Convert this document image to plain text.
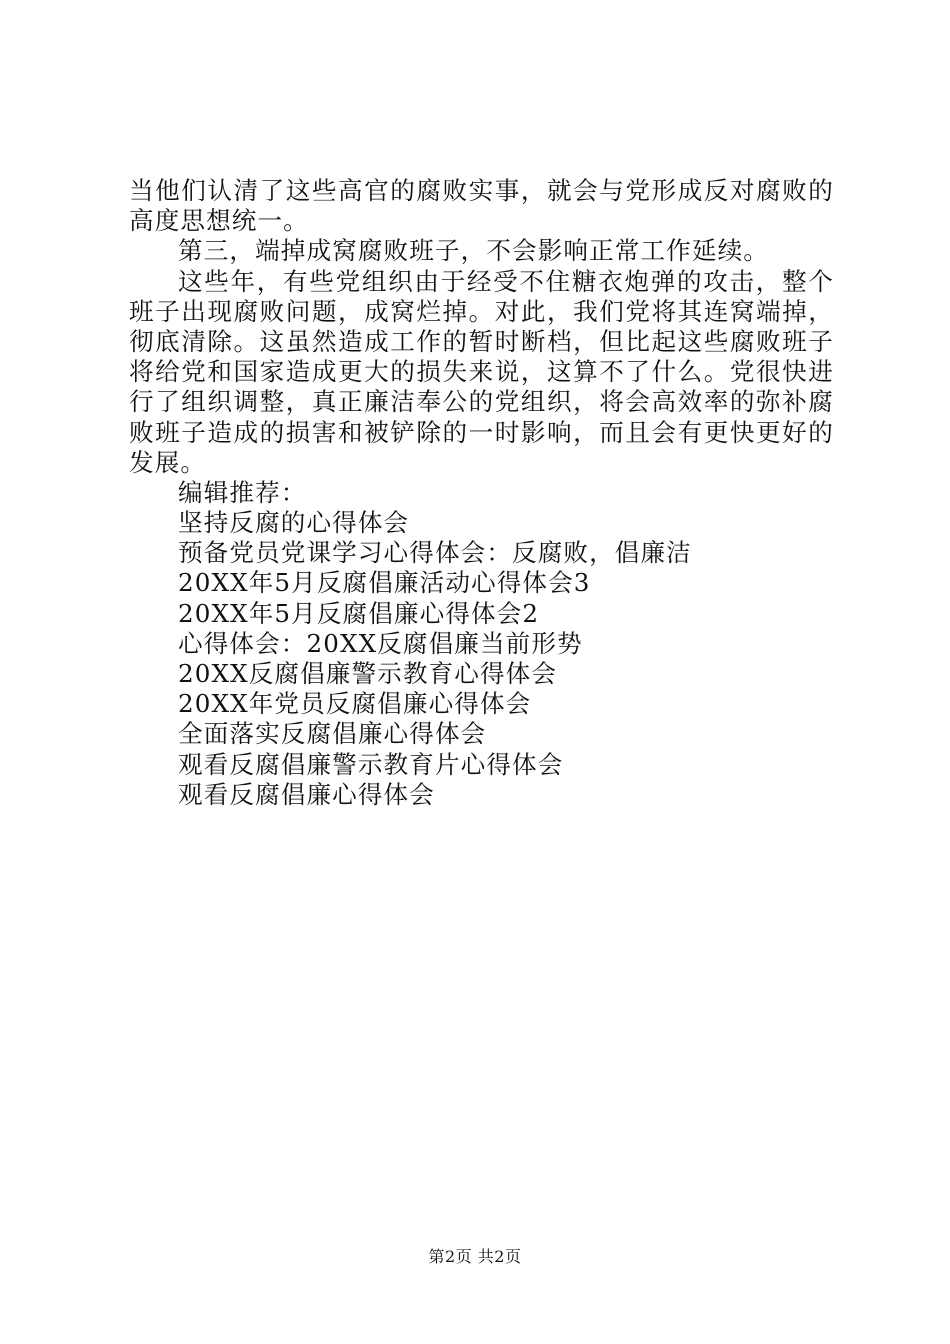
当他们认清了这些高官的腐败实事，就会与党形成反对腐败的
高度思想统一。
第三，端掉成窝腐败班子，不会影响正常工作延续。
这些年，有些党组织由于经受不住糖衣炮弹的攻击，整个
班子出现腐败问题，成窝烂掉。对此，我们党将其连窝端掉，
彻底清除。这虽然造成工作的暂时断档，但比起这些腐败班子
将给党和国家造成更大的损失来说，这算不了什么。党很快进
行了组织调整，真正廉洁奉公的党组织，将会高效率的弥补腐
败班子造成的损害和被铲除的一时影响，而且会有更快更好的
发展。
编辑推荐：
坚持反腐的心得体会
预备党员党课学习心得体会：反腐败，倡廉洁
20XX年5月反腐倡廉活动心得体会3
20XX年5月反腐倡廉心得体会2
心得体会：20XX反腐倡廉当前形势
20XX反腐倡廉警示教育心得体会
20XX年党员反腐倡廉心得体会
全面落实反腐倡廉心得体会
观看反腐倡廉警示教育片心得体会
观看反腐倡廉心得体会
第2页 共2页
